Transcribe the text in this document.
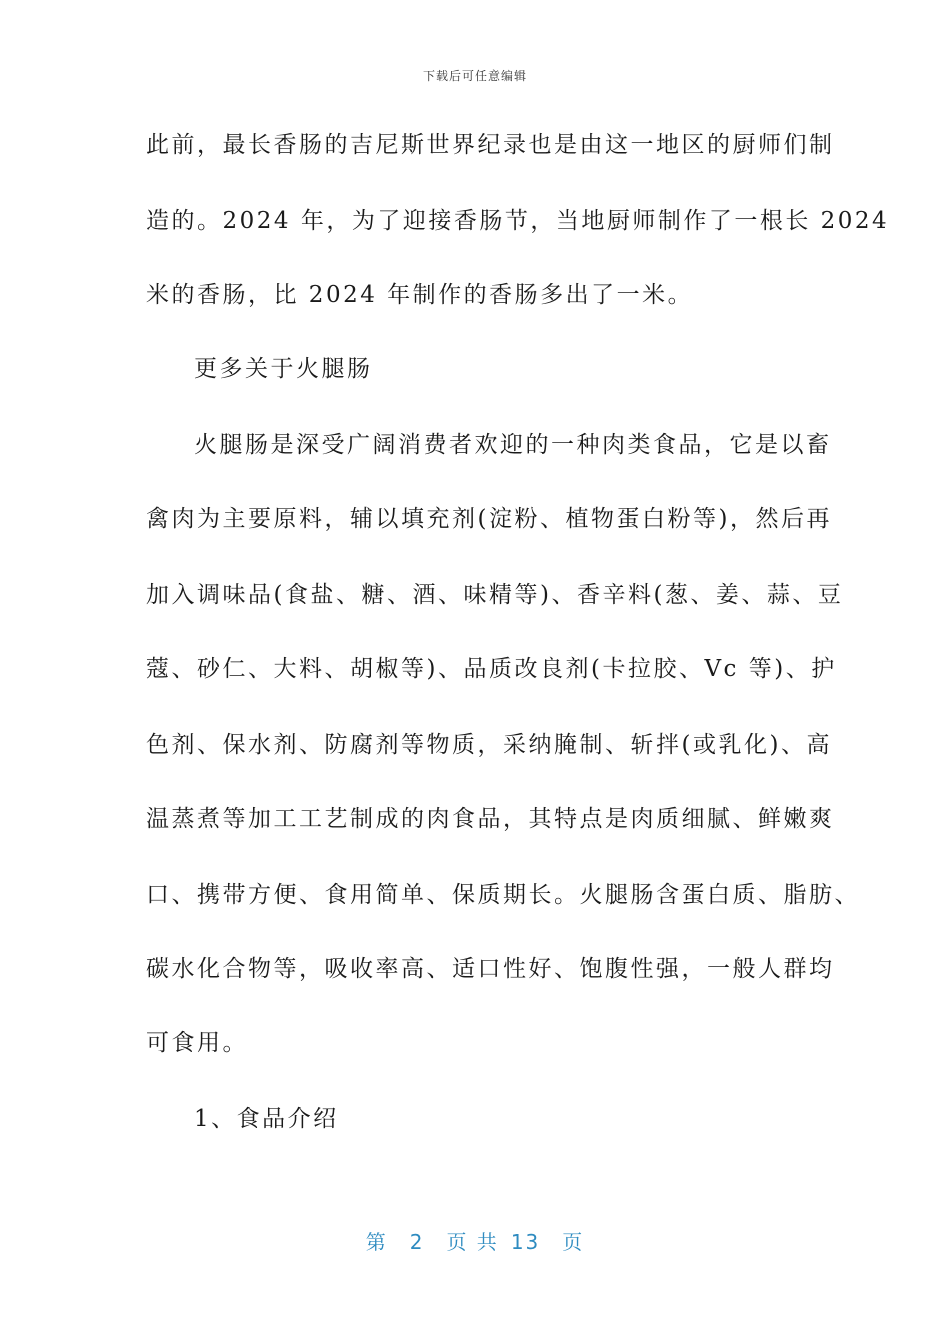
下载后可任意编辑
此前，最长香肠的吉尼斯世界纪录也是由这一地区的厨师们制
造的。2024 年，为了迎接香肠节，当地厨师制作了一根长 2024
米的香肠，比 2024 年制作的香肠多出了一米。
更多关于火腿肠
火腿肠是深受广阔消费者欢迎的一种肉类食品，它是以畜
禽肉为主要原料，辅以填充剂(淀粉、植物蛋白粉等)，然后再
加入调味品(食盐、糖、酒、味精等)、香辛料(葱、姜、蒜、豆
蔻、砂仁、大料、胡椒等)、品质改良剂(卡拉胶、Vc 等)、护
色剂、保水剂、防腐剂等物质，采纳腌制、斩拌(或乳化)、高
温蒸煮等加工工艺制成的肉食品，其特点是肉质细腻、鲜嫩爽
口、携带方便、食用简单、保质期长。火腿肠含蛋白质、脂肪、
碳水化合物等，吸收率高、适口性好、饱腹性强，一般人群均
可食用。
1、食品介绍
第 2 页 共 13 页
